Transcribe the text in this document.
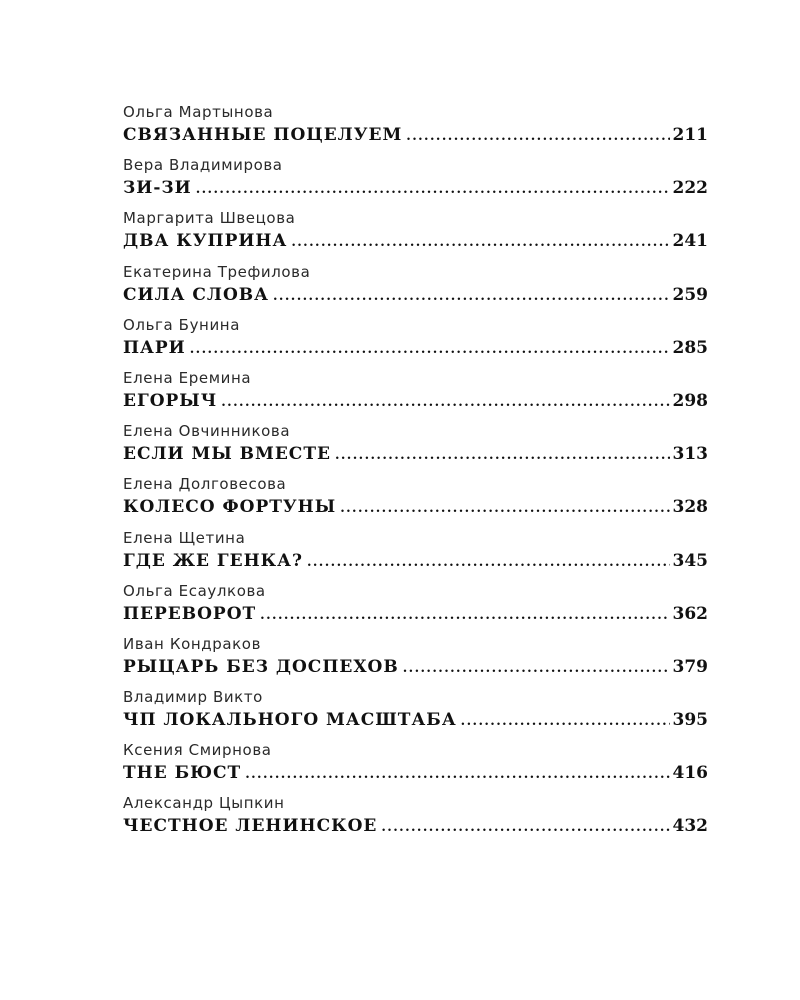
Ольга Мартынова
СВЯЗАННЫЕ ПОЦЕЛУЕМ .....	211
Вера Владимирова
ЗИ-ЗИ .....	222
Маргарита Швецова
ДВА КУПРИНА .....	241
Екатерина Трефилова
СИЛА СЛОВА .....	259
Ольга Бунина
ПАРИ .....	285
Елена Еремина
ЕГОРЫЧ .....	298
Елена Овчинникова
ЕСЛИ МЫ ВМЕСТЕ .....	313
Елена Долговесова
КОЛЕСО ФОРТУНЫ .....	328
Елена Щетина
ГДЕ ЖЕ ГЕНКА? .....	345
Ольга Есаулкова
ПЕРЕВОРОТ .....	362
Иван Кондраков
РЫЦАРЬ БЕЗ ДОСПЕХОВ .....	379
Владимир Викто
ЧП ЛОКАЛЬНОГО МАСШТАБА .....	395
Ксения Смирнова
THE БЮСТ .....	416
Александр Цыпкин
ЧЕСТНОЕ ЛЕНИНСКОЕ .....	432
